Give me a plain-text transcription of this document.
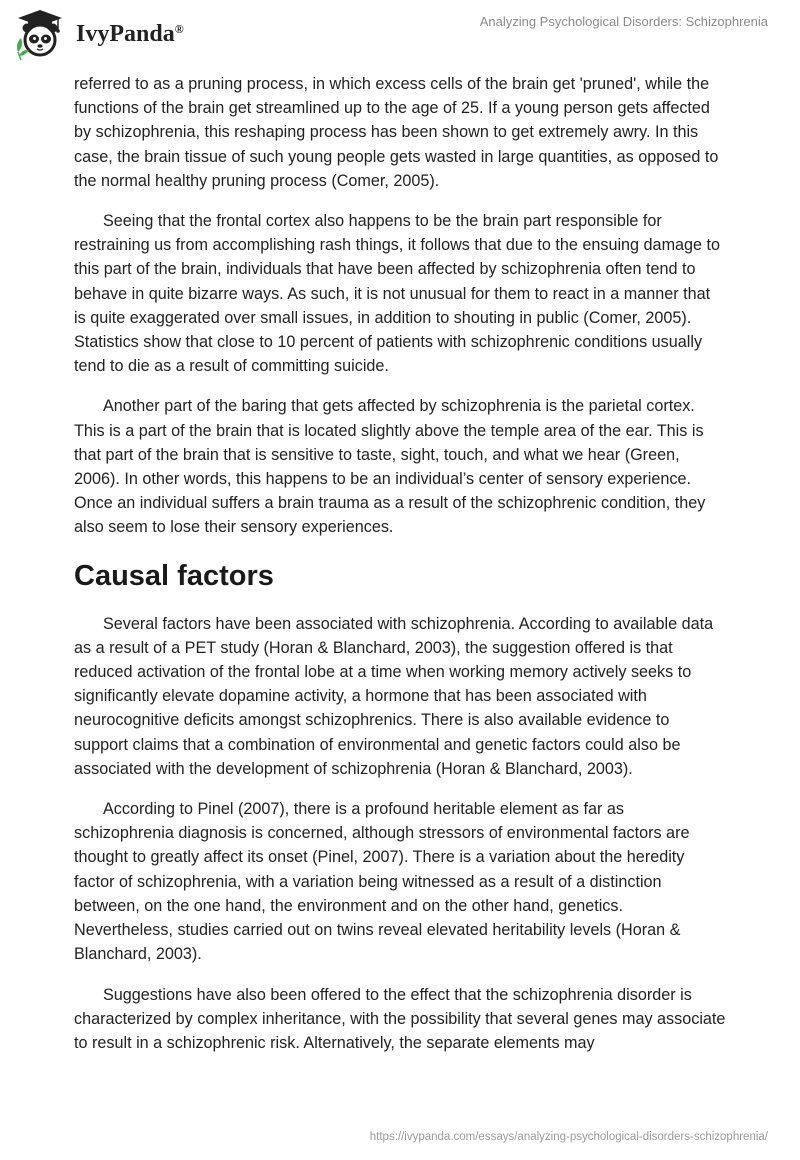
IvyPanda®	Analyzing Psychological Disorders: Schizophrenia

referred to as a pruning process, in which excess cells of the brain get 'pruned', while the functions of the brain get streamlined up to the age of 25. If a young person gets affected by schizophrenia, this reshaping process has been shown to get extremely awry. In this case, the brain tissue of such young people gets wasted in large quantities, as opposed to the normal healthy pruning process (Comer, 2005).

Seeing that the frontal cortex also happens to be the brain part responsible for restraining us from accomplishing rash things, it follows that due to the ensuing damage to this part of the brain, individuals that have been affected by schizophrenia often tend to behave in quite bizarre ways. As such, it is not unusual for them to react in a manner that is quite exaggerated over small issues, in addition to shouting in public (Comer, 2005). Statistics show that close to 10 percent of patients with schizophrenic conditions usually tend to die as a result of committing suicide.

Another part of the baring that gets affected by schizophrenia is the parietal cortex. This is a part of the brain that is located slightly above the temple area of the ear. This is that part of the brain that is sensitive to taste, sight, touch, and what we hear (Green, 2006). In other words, this happens to be an individual’s center of sensory experience. Once an individual suffers a brain trauma as a result of the schizophrenic condition, they also seem to lose their sensory experiences.

Causal factors

Several factors have been associated with schizophrenia. According to available data as a result of a PET study (Horan & Blanchard, 2003), the suggestion offered is that reduced activation of the frontal lobe at a time when working memory actively seeks to significantly elevate dopamine activity, a hormone that has been associated with neurocognitive deficits amongst schizophrenics. There is also available evidence to support claims that a combination of environmental and genetic factors could also be associated with the development of schizophrenia (Horan & Blanchard, 2003).

According to Pinel (2007), there is a profound heritable element as far as schizophrenia diagnosis is concerned, although stressors of environmental factors are thought to greatly affect its onset (Pinel, 2007). There is a variation about the heredity factor of schizophrenia, with a variation being witnessed as a result of a distinction between, on the one hand, the environment and on the other hand, genetics. Nevertheless, studies carried out on twins reveal elevated heritability levels (Horan & Blanchard, 2003).

Suggestions have also been offered to the effect that the schizophrenia disorder is characterized by complex inheritance, with the possibility that several genes may associate to result in a schizophrenic risk. Alternatively, the separate elements may

https://ivypanda.com/essays/analyzing-psychological-disorders-schizophrenia/
